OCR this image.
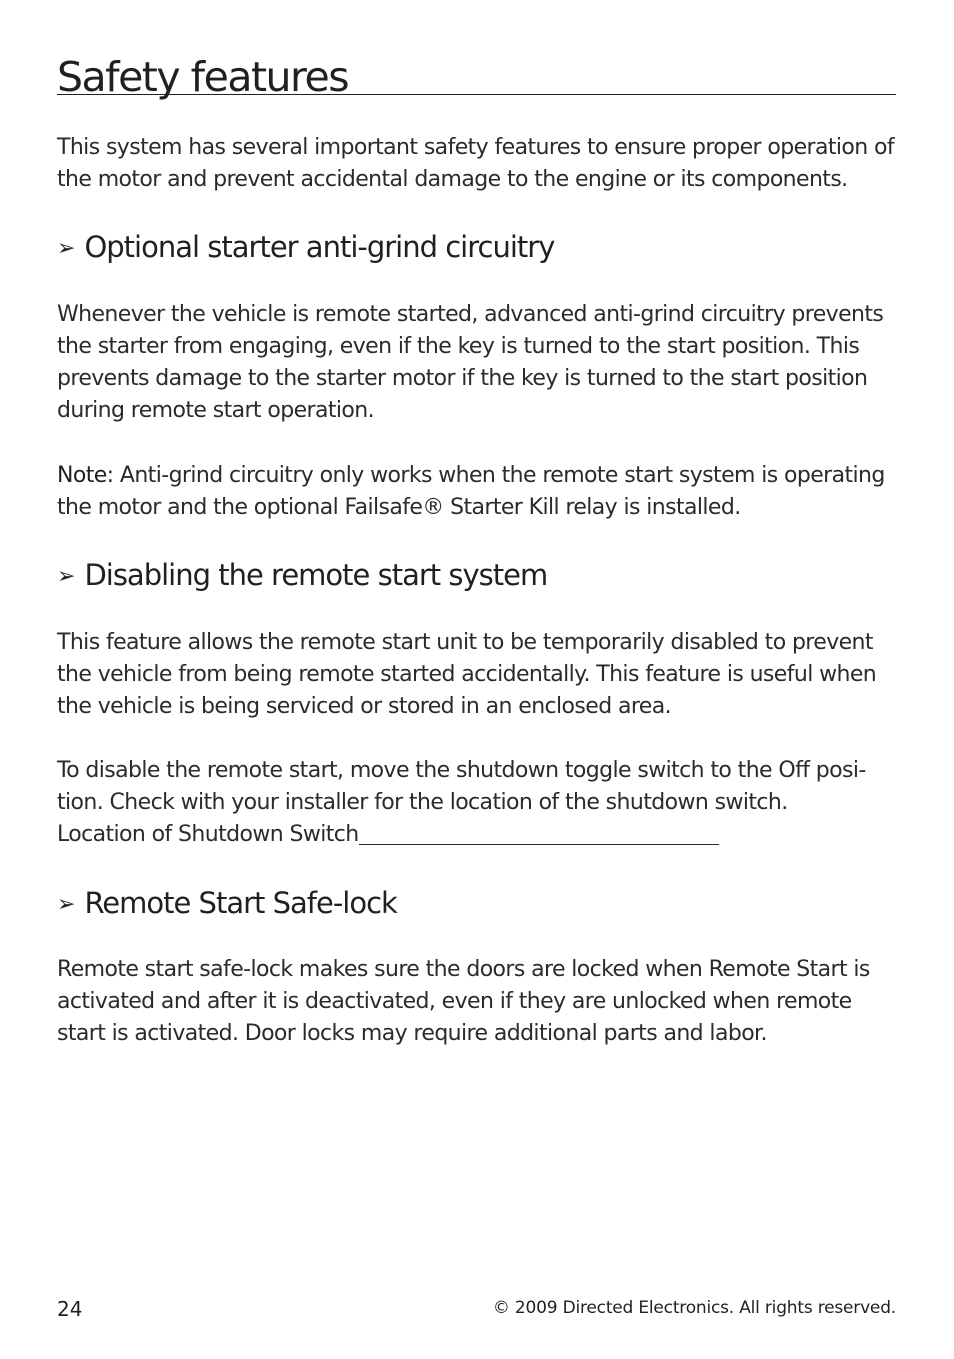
Safety features

This system has several important safety features to ensure proper operation of the motor and prevent accidental damage to the engine or its components.

➢ Optional starter anti-grind circuitry

Whenever the vehicle is remote started, advanced anti-grind circuitry prevents the starter from engaging, even if the key is turned to the start position. This prevents damage to the starter motor if the key is turned to the start position during remote start operation.

Note: Anti-grind circuitry only works when the remote start system is operating the motor and the optional Failsafe® Starter Kill relay is installed.

➢ Disabling the remote start system

This feature allows the remote start unit to be temporarily disabled to prevent the vehicle from being remote started accidentally. This feature is useful when the vehicle is being serviced or stored in an enclosed area.

To disable the remote start, move the shutdown toggle switch to the Off posi-tion. Check with your installer for the location of the shutdown switch.
Location of Shutdown Switch

➢ Remote Start Safe-lock

Remote start safe-lock makes sure the doors are locked when Remote Start is activated and after it is deactivated, even if they are unlocked when remote start is activated. Door locks may require additional parts and labor.

24	© 2009 Directed Electronics. All rights reserved.
